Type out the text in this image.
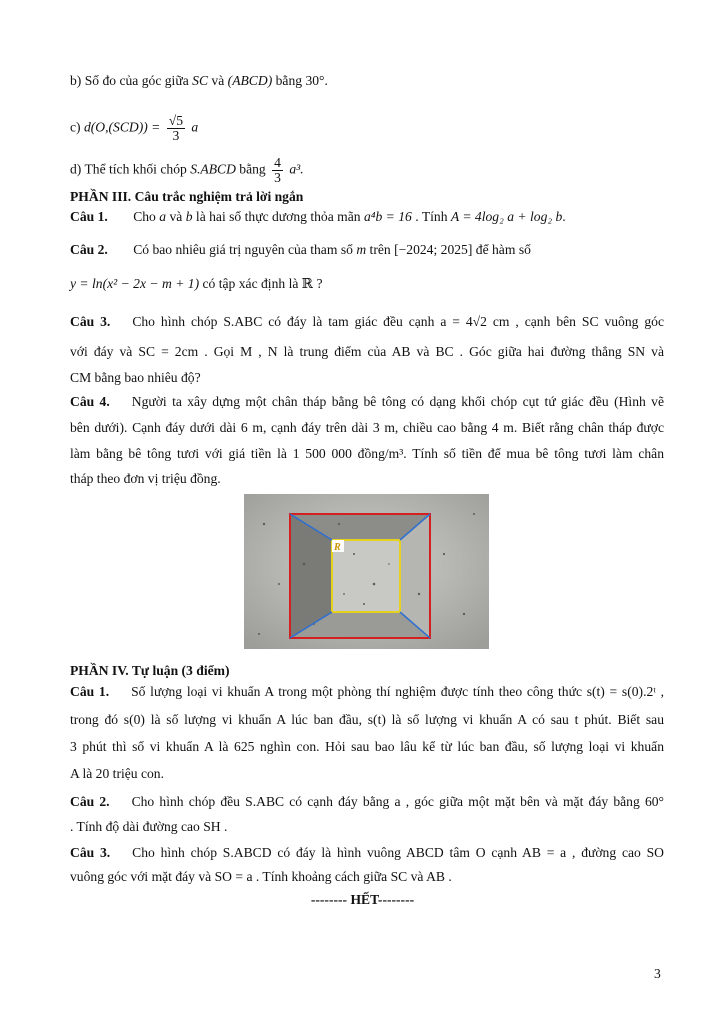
b) Số đo của góc giữa SC và (ABCD) bằng 30°.
c) $d(O,(SCD)) = \frac{√5}{3}$ a
d) Thể tích khối chóp S.ABCD bằng $\frac{4}{3} a^3$.
PHẦN III. Câu trắc nghiệm trả lời ngắn
Câu 1. Cho a và b là hai số thực dương thỏa mãn a⁴b = 16 . Tính A = 4log₂ a + log₂ b.
Câu 2. Có bao nhiêu giá trị nguyên của tham số m trên [−2024; 2025] để hàm số
y = ln(x² − 2x − m + 1) có tập xác định là ℝ ?
Câu 3. Cho hình chóp S.ABC có đáy là tam giác đều cạnh a = 4√2 cm , cạnh bên SC vuông góc
với đáy và SC = 2cm . Gọi M , N là trung điểm của AB và BC . Góc giữa hai đường thẳng SN và
CM bằng bao nhiêu độ?
Câu 4. Người ta xây dựng một chân tháp bằng bê tông có dạng khối chóp cụt tứ giác đều (Hình vẽ
bên dưới). Cạnh đáy dưới dài 6 m, cạnh đáy trên dài 3 m, chiều cao bằng 4 m. Biết rằng chân tháp được
làm bằng bê tông tươi với giá tiền là 1 500 000 đồng/m³. Tính số tiền để mua bê tông tươi làm chân
tháp theo đơn vị triệu đồng.
R
PHẦN IV. Tự luận (3 điểm)
Câu 1. Số lượng loại vi khuẩn A trong một phòng thí nghiệm được tính theo công thức s(t) = s(0).2ᵗ ,
trong đó s(0) là số lượng vi khuẩn A lúc ban đầu, s(t) là số lượng vi khuẩn A có sau t phút. Biết sau
3 phút thì số vi khuẩn A là 625 nghìn con. Hỏi sau bao lâu kể từ lúc ban đầu, số lượng loại vi khuẩn
A là 20 triệu con.
Câu 2. Cho hình chóp đều S.ABC có cạnh đáy bằng a , góc giữa một mặt bên và mặt đáy bằng 60°
. Tính độ dài đường cao SH .
Câu 3. Cho hình chóp S.ABCD có đáy là hình vuông ABCD tâm O cạnh AB = a , đường cao SO
vuông góc với mặt đáy và SO = a . Tính khoảng cách giữa SC và AB .
-------- HẾT--------
3
